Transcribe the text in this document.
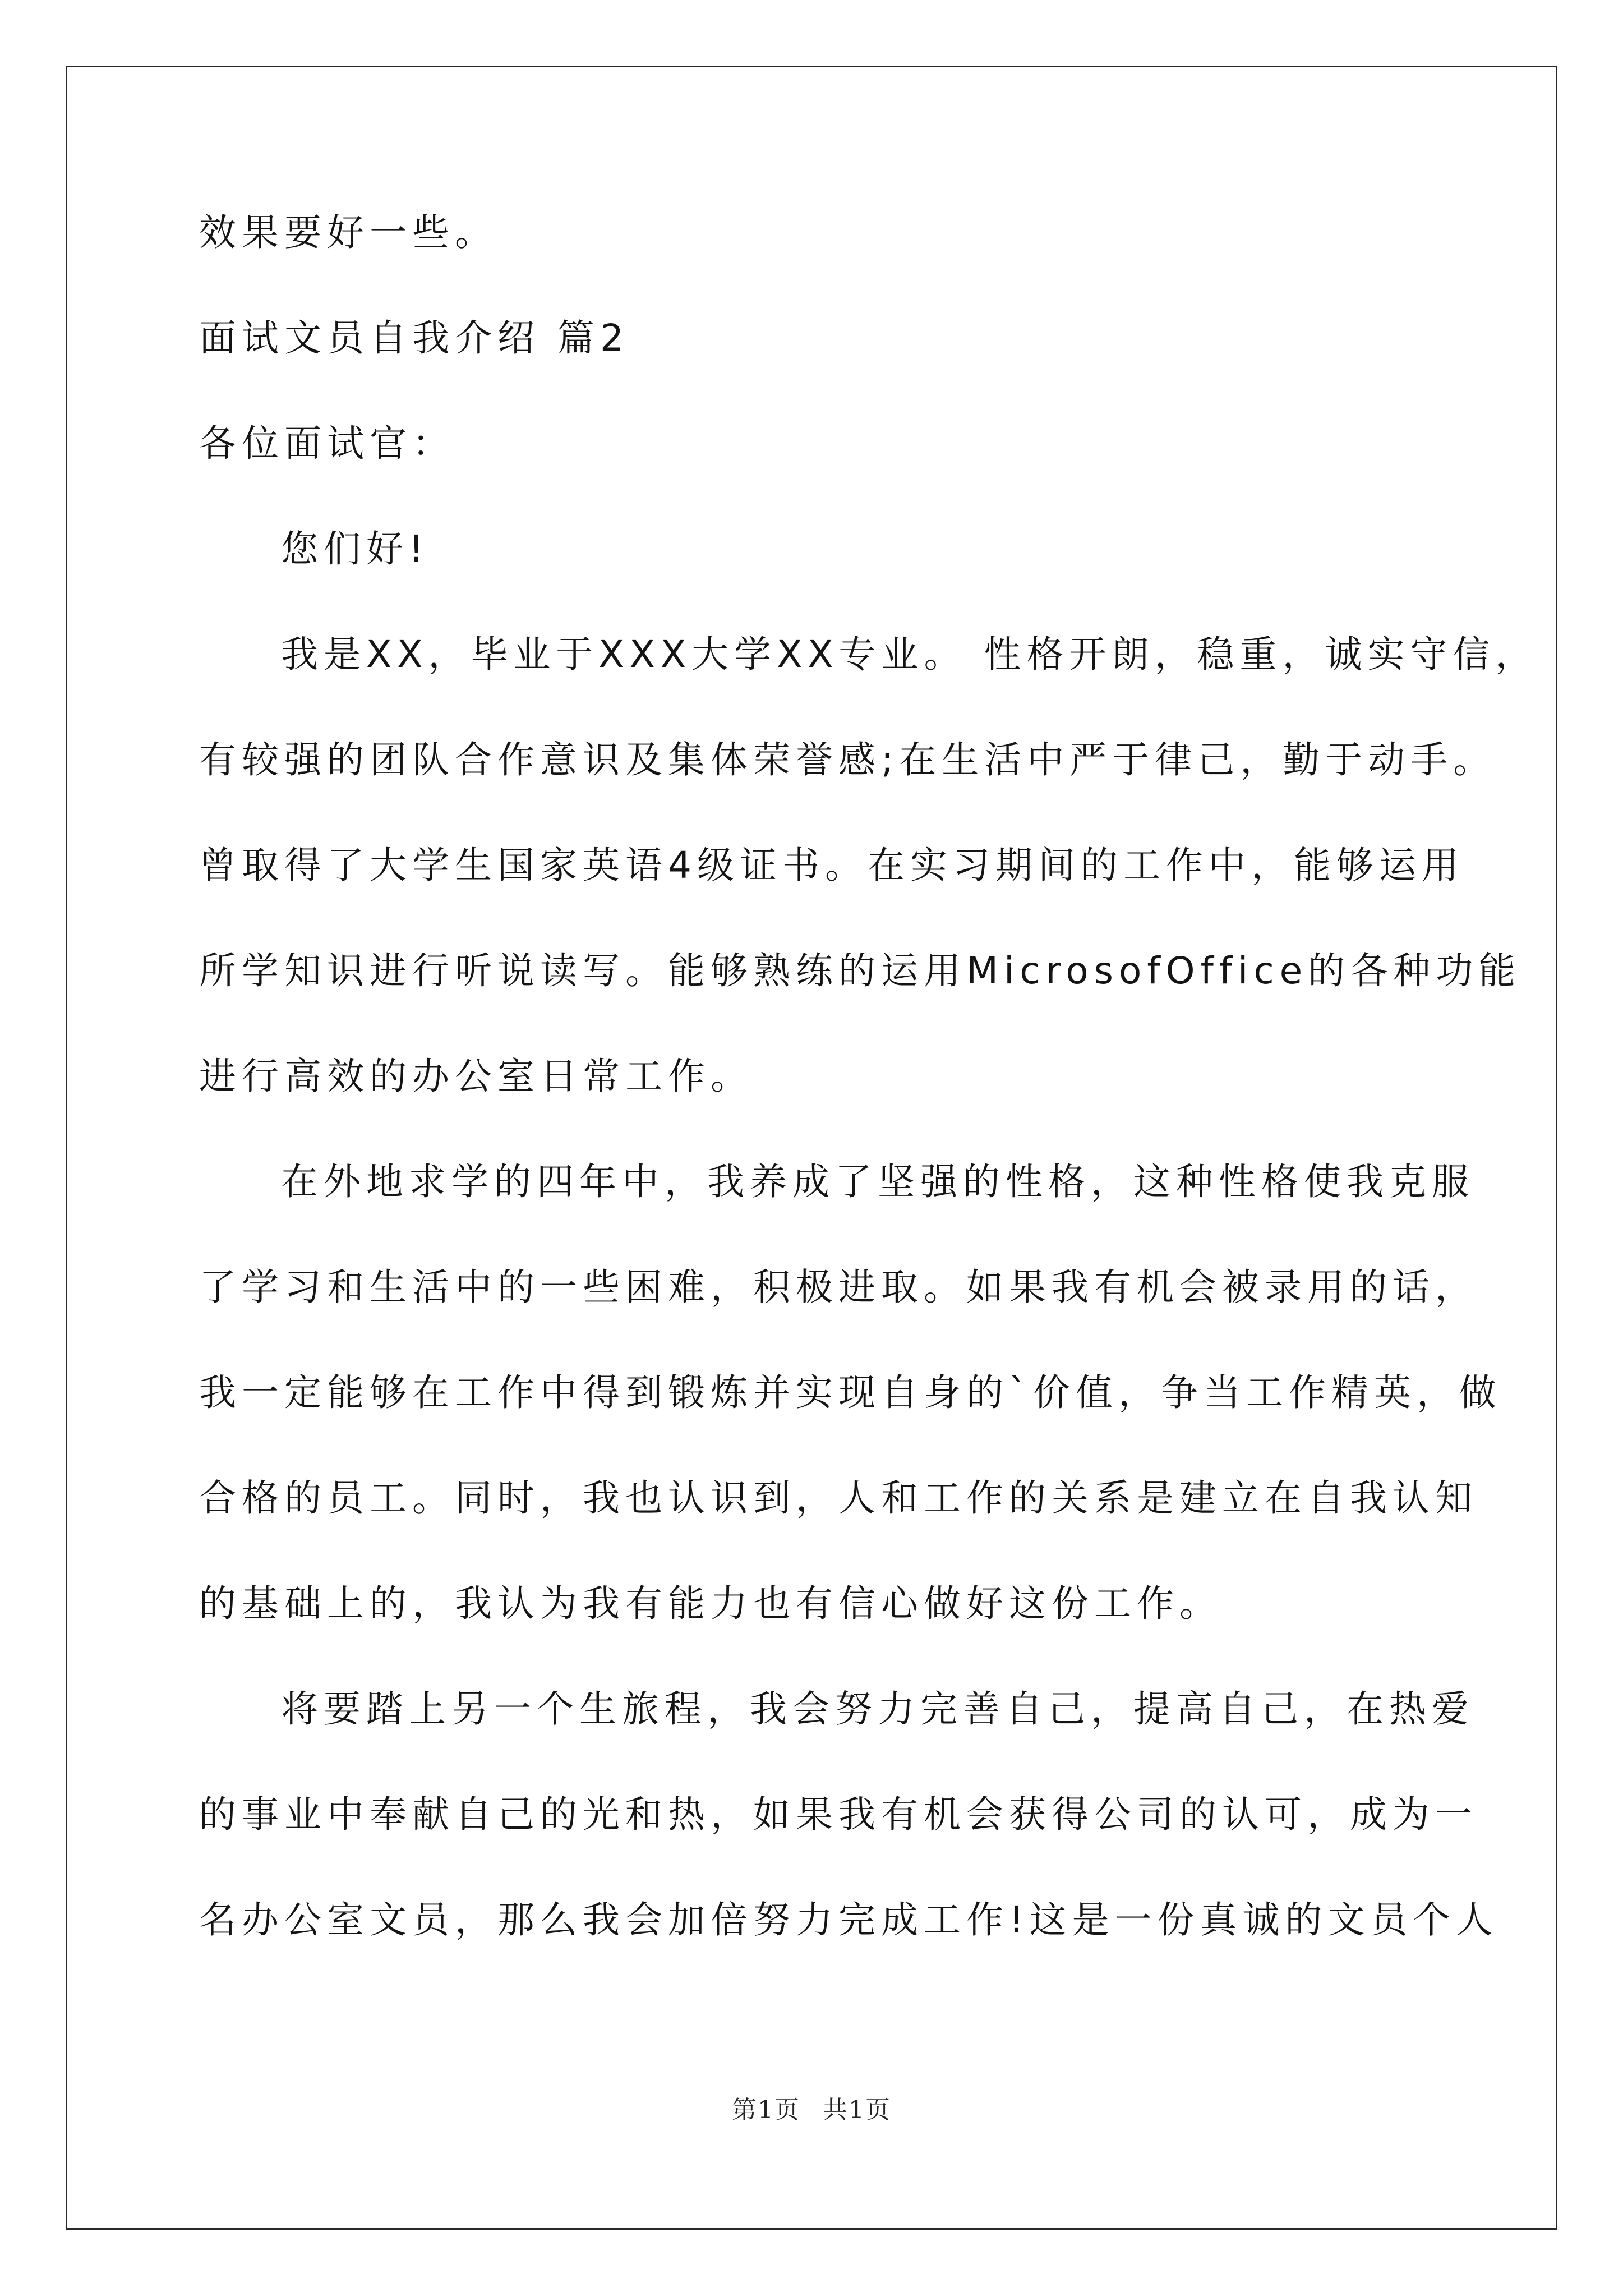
效果要好一些。

面试文员自我介绍 篇2

各位面试官：

您们好!

我是XX，毕业于XXX大学XX专业。 性格开朗，稳重，诚实守信，

有较强的团队合作意识及集体荣誉感;在生活中严于律己，勤于动手。

曾取得了大学生国家英语4级证书。在实习期间的工作中，能够运用

所学知识进行听说读写。能够熟练的运用MicrosofOffice的各种功能

进行高效的办公室日常工作。

在外地求学的四年中，我养成了坚强的性格，这种性格使我克服

了学习和生活中的一些困难，积极进取。如果我有机会被录用的话，

我一定能够在工作中得到锻炼并实现自身的`价值，争当工作精英，做

合格的员工。同时，我也认识到，人和工作的关系是建立在自我认知

的基础上的，我认为我有能力也有信心做好这份工作。

将要踏上另一个生旅程，我会努力完善自己，提高自己，在热爱

的事业中奉献自己的光和热，如果我有机会获得公司的认可，成为一

名办公室文员，那么我会加倍努力完成工作!这是一份真诚的文员个人

第1页 共1页
